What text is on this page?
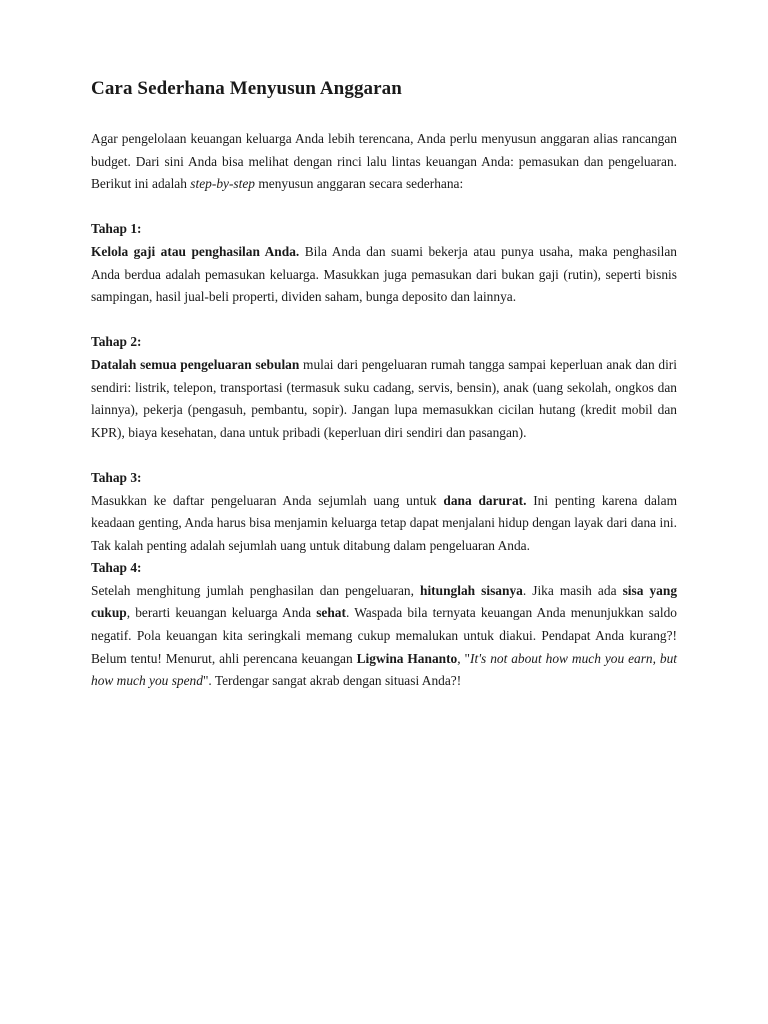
Cara Sederhana Menyusun Anggaran

Agar pengelolaan keuangan keluarga Anda lebih terencana, Anda perlu menyusun anggaran alias rancangan budget. Dari sini Anda bisa melihat dengan rinci lalu lintas keuangan Anda: pemasukan dan pengeluaran. Berikut ini adalah step-by-step menyusun anggaran secara sederhana:

Tahap 1:

Kelola gaji atau penghasilan Anda. Bila Anda dan suami bekerja atau punya usaha, maka penghasilan Anda berdua adalah pemasukan keluarga. Masukkan juga pemasukan dari bukan gaji (rutin), seperti bisnis sampingan, hasil jual-beli properti, dividen saham, bunga deposito dan lainnya.

Tahap 2:

Datalah semua pengeluaran sebulan mulai dari pengeluaran rumah tangga sampai keperluan anak dan diri sendiri: listrik, telepon, transportasi (termasuk suku cadang, servis, bensin), anak (uang sekolah, ongkos dan lainnya), pekerja (pengasuh, pembantu, sopir). Jangan lupa memasukkan cicilan hutang (kredit mobil dan KPR), biaya kesehatan, dana untuk pribadi (keperluan diri sendiri dan pasangan).

Tahap 3:

Masukkan ke daftar pengeluaran Anda sejumlah uang untuk dana darurat. Ini penting karena dalam keadaan genting, Anda harus bisa menjamin keluarga tetap dapat menjalani hidup dengan layak dari dana ini. Tak kalah penting adalah sejumlah uang untuk ditabung dalam pengeluaran Anda.

Tahap 4:

Setelah menghitung jumlah penghasilan dan pengeluaran, hitunglah sisanya. Jika masih ada sisa yang cukup, berarti keuangan keluarga Anda sehat. Waspada bila ternyata keuangan Anda menunjukkan saldo negatif. Pola keuangan kita seringkali memang cukup memalukan untuk diakui. Pendapat Anda kurang?! Belum tentu! Menurut, ahli perencana keuangan Ligwina Hananto, "It's not about how much you earn, but how much you spend". Terdengar sangat akrab dengan situasi Anda?!
